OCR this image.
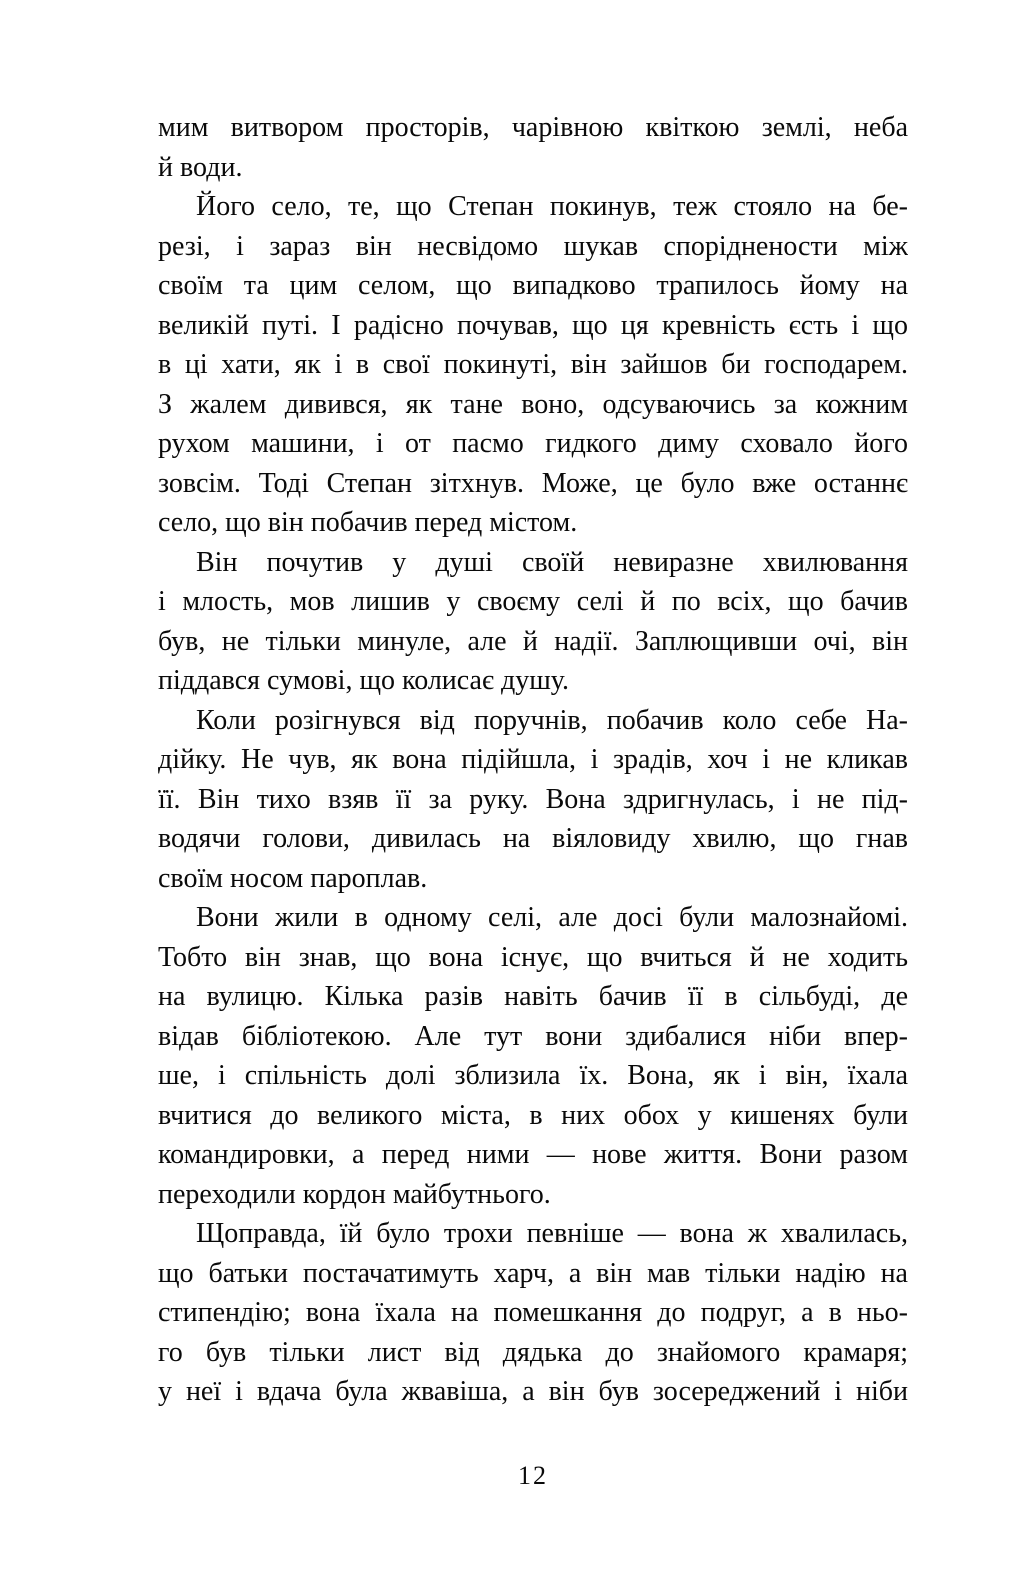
мим витвором просторів, чарівною квіткою землі, неба
й води.

Його село, те, що Степан покинув, теж стояло на бе-
резі, і зараз він несвідомо шукав споріднености між
своїм та цим селом, що випадково трапилось йому на
великій путі. І радісно почував, що ця кревність єсть і що
в ці хати, як і в свої покинуті, він зайшов би господарем.
З жалем дивився, як тане воно, одсуваючись за кожним
рухом машини, і от пасмо гидкого диму сховало його
зовсім. Тоді Степан зітхнув. Може, це було вже останнє
село, що він побачив перед містом.

Він почутив у душі своїй невиразне хвилювання
і млость, мов лишив у своєму селі й по всіх, що бачив
був, не тільки минуле, але й надії. Заплющивши очі, він
піддався сумові, що колисає душу.

Коли розігнувся від поручнів, побачив коло себе На-
дійку. Не чув, як вона підійшла, і зрадів, хоч і не кликав
її. Він тихо взяв її за руку. Вона здригнулась, і не під-
водячи голови, дивилась на віяловиду хвилю, що гнав
своїм носом пароплав.

Вони жили в одному селі, але досі були малознайомі.
Тобто він знав, що вона існує, що вчиться й не ходить
на вулицю. Кілька разів навіть бачив її в сільбуді, де
відав бібліотекою. Але тут вони здибалися ніби впер-
ше, і спільність долі зблизила їх. Вона, як і він, їхала
вчитися до великого міста, в них обох у кишенях були
командировки, а перед ними — нове життя. Вони разом
переходили кордон майбутнього.

Щоправда, їй було трохи певніше — вона ж хвалилась,
що батьки постачатимуть харч, а він мав тільки надію на
стипендію; вона їхала на помешкання до подруг, а в ньо-
го був тільки лист від дядька до знайомого крамаря;
у неї і вдача була жвавіша, а він був зосереджений і ніби

12
